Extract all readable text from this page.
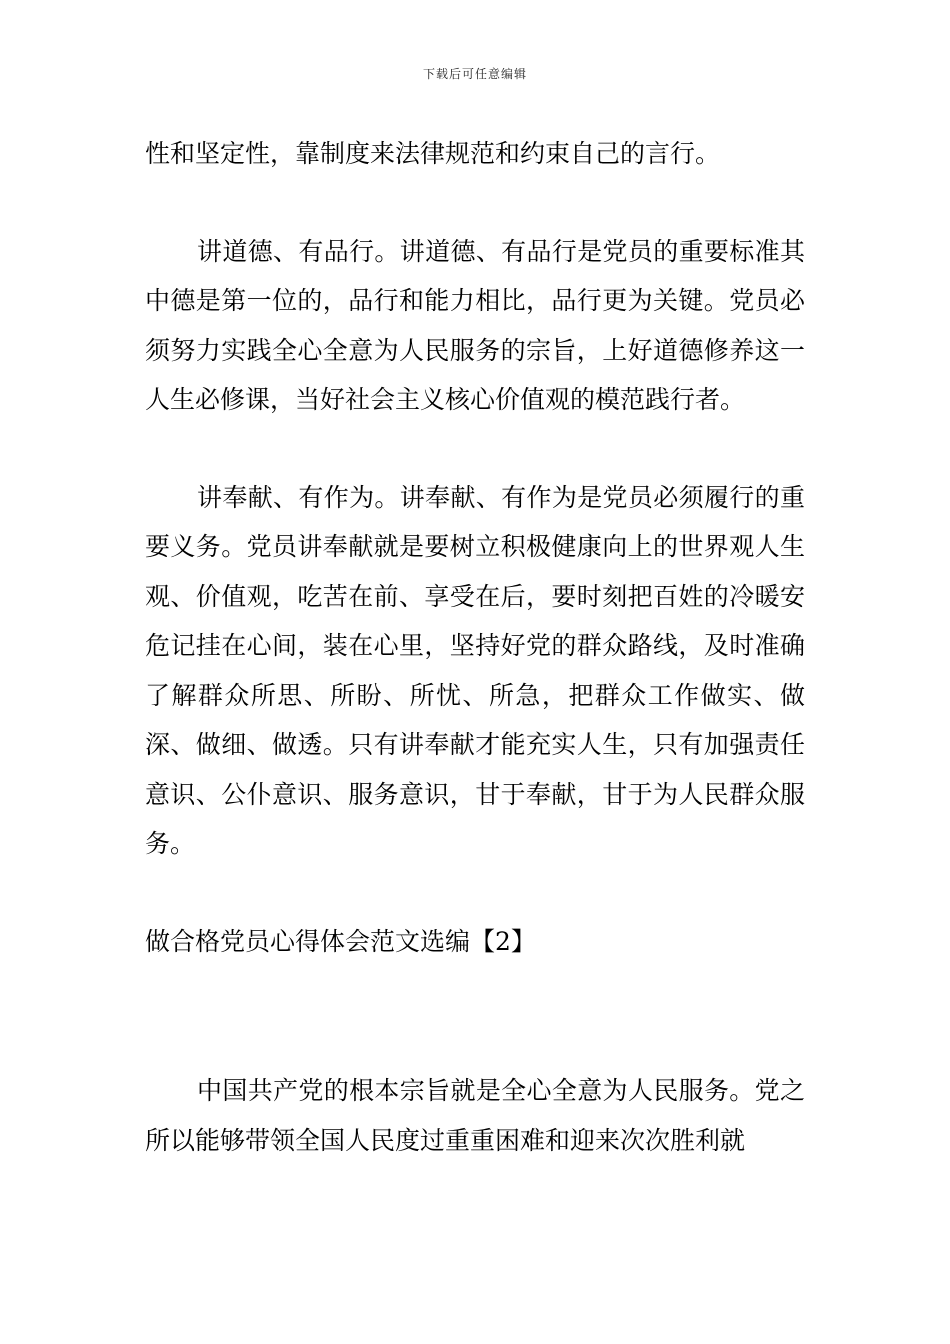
下载后可任意编辑

性和坚定性，靠制度来法律规范和约束自己的言行。

讲道德、有品行。讲道德、有品行是党员的重要标准其中德是第一位的，品行和能力相比，品行更为关键。党员必须努力实践全心全意为人民服务的宗旨，上好道德修养这一人生必修课，当好社会主义核心价值观的模范践行者。

讲奉献、有作为。讲奉献、有作为是党员必须履行的重要义务。党员讲奉献就是要树立积极健康向上的世界观人生观、价值观，吃苦在前、享受在后，要时刻把百姓的冷暖安危记挂在心间，装在心里，坚持好党的群众路线，及时准确了解群众所思、所盼、所忧、所急，把群众工作做实、做深、做细、做透。只有讲奉献才能充实人生，只有加强责任意识、公仆意识、服务意识，甘于奉献，甘于为人民群众服务。

做合格党员心得体会范文选编【2】

中国共产党的根本宗旨就是全心全意为人民服务。党之所以能够带领全国人民度过重重困难和迎来次次胜利就
